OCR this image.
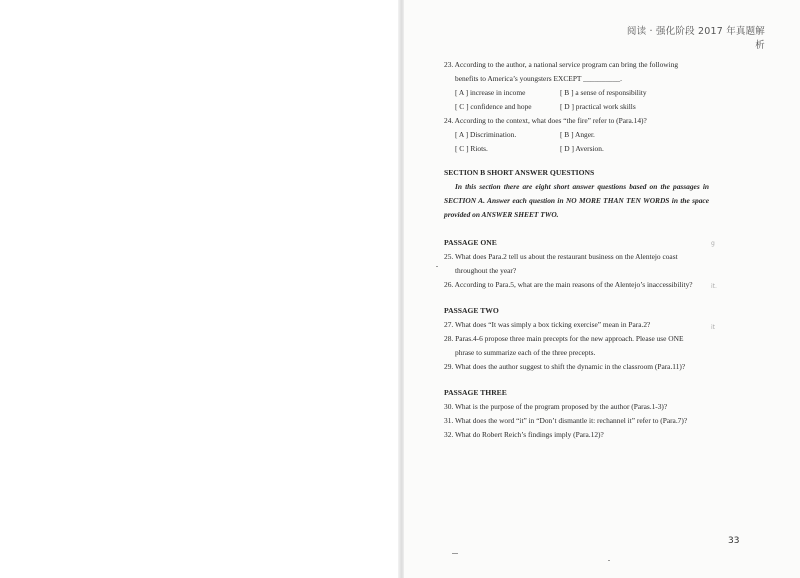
阅读 · 强化阶段 2017 年真题解析
23. According to the author, a national service program can bring the following
benefits to America’s youngsters EXCEPT __________.
[ A ] increase in income	[ B ] a sense of responsibility
[ C ] confidence and hope	[ D ] practical work skills
24. According to the context, what does “the fire” refer to (Para.14)?
[ A ] Discrimination.	[ B ] Anger.
[ C ] Riots.	[ D ] Aversion.
SECTION B SHORT ANSWER QUESTIONS
In this section there are eight short answer questions based on the passages in SECTION A. Answer each question in NO MORE THAN TEN WORDS in the space provided on ANSWER SHEET TWO.
PASSAGE ONE
25. What does Para.2 tell us about the restaurant business on the Alentejo coast
throughout the year?
26. According to Para.5, what are the main reasons of the Alentejo’s inaccessibility?
PASSAGE TWO
27. What does “It was simply a box ticking exercise” mean in Para.2?
28. Paras.4-6 propose three main precepts for the new approach. Please use ONE
phrase to summarize each of the three precepts.
29. What does the author suggest to shift the dynamic in the classroom (Para.11)?
PASSAGE THREE
30. What is the purpose of the program proposed by the author (Paras.1-3)?
31. What does the word “it” in “Don’t dismantle it: rechannel it” refer to (Para.7)?
32. What do Robert Reich’s findings imply (Para.12)?
g
it.
it
33
